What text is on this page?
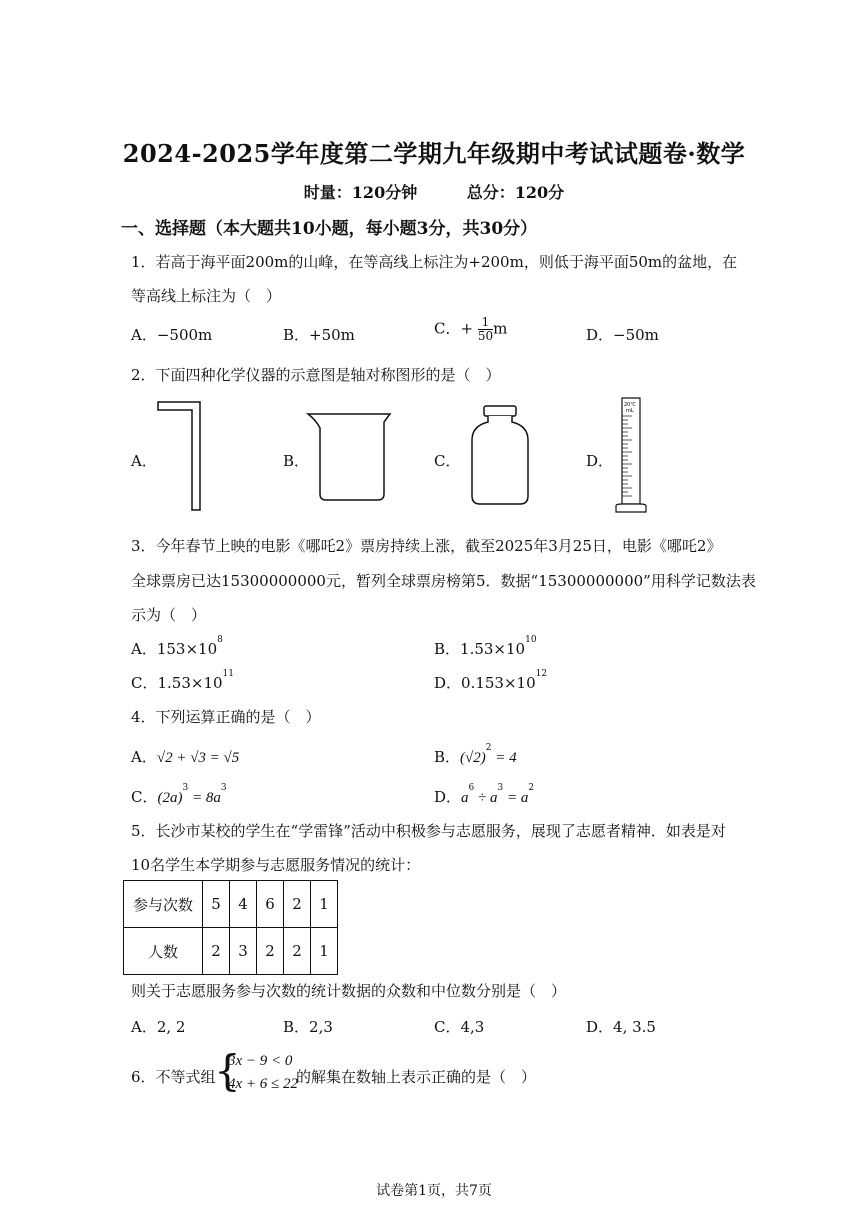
2024-2025学年度第二学期九年级期中考试试题卷·数学
时量：120分钟	总分：120分
一、选择题（本大题共10小题，每小题3分，共30分）
1．若高于海平面200m的山峰，在等高线上标注为+200m，则低于海平面50m的盆地，在
等高线上标注为（　）
A．−500m	B．+50m	C．+ $\frac{1}{50}$ m	D．−50m
2．下面四种化学仪器的示意图是轴对称图形的是（　）
A．	B．	C．	D．
20℃
mL
3．今年春节上映的电影《哪吒2》票房持续上涨，截至2025年3月25日，电影《哪吒2》
全球票房已达15300000000元，暂列全球票房榜第5．数据“15300000000”用科学记数法表
示为（　）
A．$153\times 10^8$	B．$1.53\times 10^{10}$
C．$1.53\times 10^{11}$	D．$0.153\times 10^{12}$
4．下列运算正确的是（　）
A．√2 + √3 = √5	B．$(√2)^2 = 4$
C．$(2a)^3 = 8a^3$	D．$a^6 \div a^3 = a^2$
5．长沙市某校的学生在“学雷锋”活动中积极参与志愿服务，展现了志愿者精神．如表是对
10名学生本学期参与志愿服务情况的统计：
参与次数	5	4	6	2	1
人数	2	3	2	2	1
则关于志愿服务参与次数的统计数据的众数和中位数分别是（　）
A．2, 2	B．2,3	C．4,3	D．4, 3.5
6．不等式组
{
3x − 9 < 0
4x + 6 ≤ 22
的解集在数轴上表示正确的是（　）
试卷第1页，共7页
